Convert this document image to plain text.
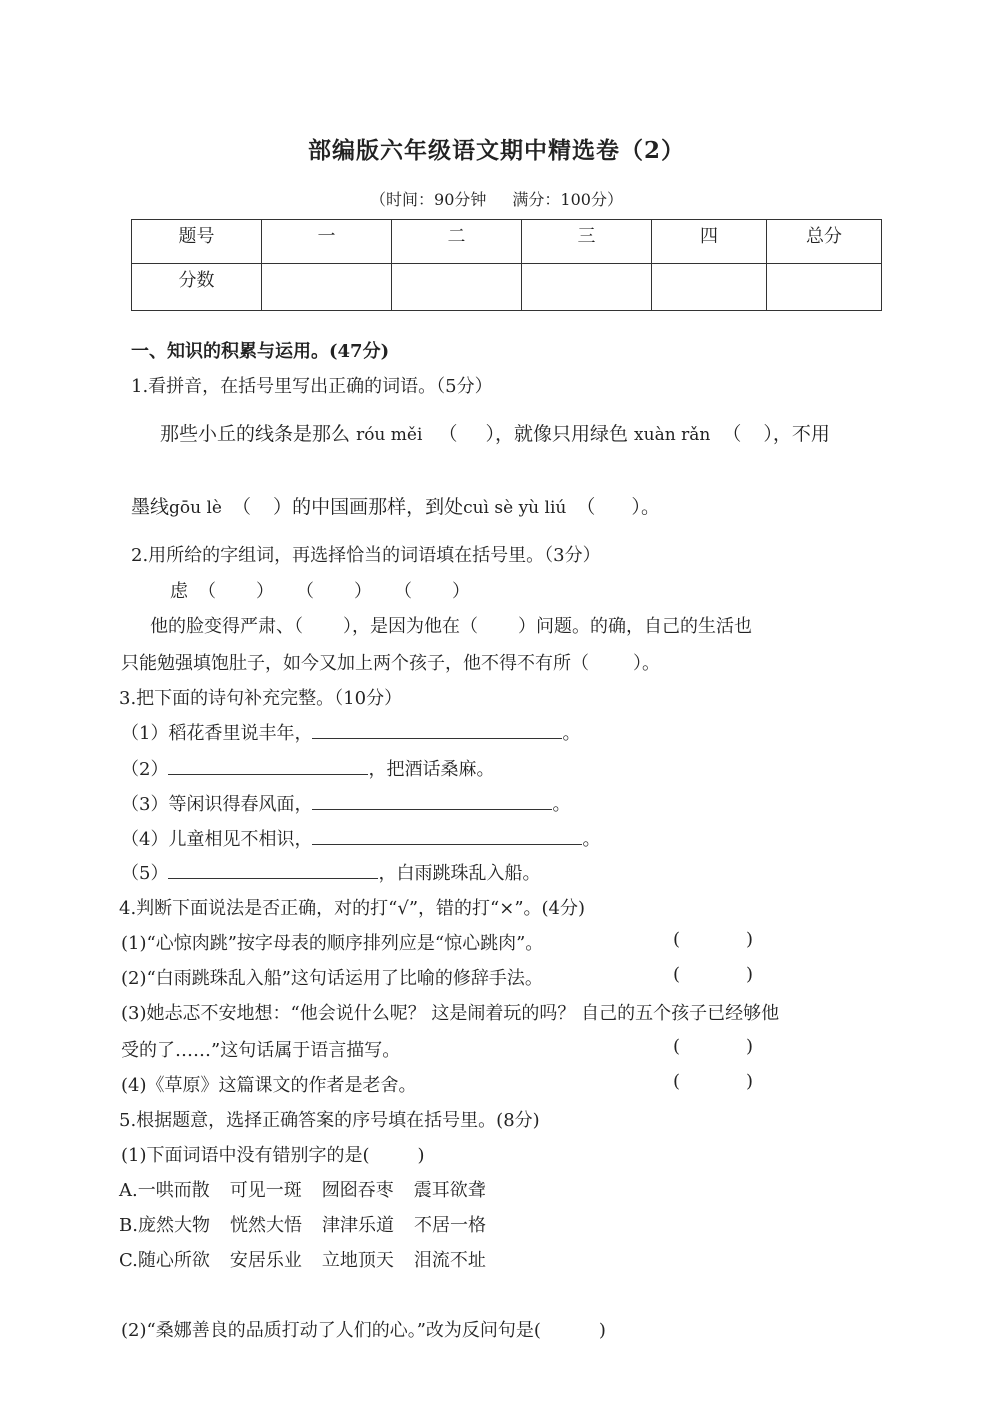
部编版六年级语文期中精选卷（2）
（时间：90分钟 满分：100分）
题号	一	二	三	四	总分
分数					
一、知识的积累与运用。(47分)
1.看拼音，在括号里写出正确的词语。（5分）
那些小丘的线条是那么 róu měi （ ），就像只用绿色 xuàn rǎn （ ），不用
墨线gōu lè （ ）的中国画那样，到处cuì sè yù liú （ ）。
2.用所给的字组词，再选择恰当的词语填在括号里。（3分）
虑 （ ） （ ） （ ）
他的脸变得严肃、（ ），是因为他在（ ）问题。的确，自己的生活也
只能勉强填饱肚子，如今又加上两个孩子，他不得不有所（ ）。
3.把下面的诗句补充完整。（10分）
（1）稻花香里说丰年，	。
（2）	，把酒话桑麻。
（3）等闲识得春风面，	。
（4）儿童相见不相识，	。
（5）	，白雨跳珠乱入船。
4.判断下面说法是否正确，对的打“√”，错的打“×”。(4分)
(1)“心惊肉跳”按字母表的顺序排列应是“惊心跳肉”。	(	)
(2)“白雨跳珠乱入船”这句话运用了比喻的修辞手法。	(	)
(3)她忐忑不安地想：“他会说什么呢？ 这是闹着玩的吗？ 自己的五个孩子已经够他
受的了……”这句话属于语言描写。	(	)
(4)《草原》这篇课文的作者是老舍。	(	)
5.根据题意，选择正确答案的序号填在括号里。(8分)
(1)下面词语中没有错别字的是(	)
A.一哄而散 可见一斑 囫囵吞枣 震耳欲聋
B.庞然大物 恍然大悟 津津乐道 不居一格
C.随心所欲 安居乐业 立地顶天 泪流不址
(2)“桑娜善良的品质打动了人们的心。”改为反问句是(	)
